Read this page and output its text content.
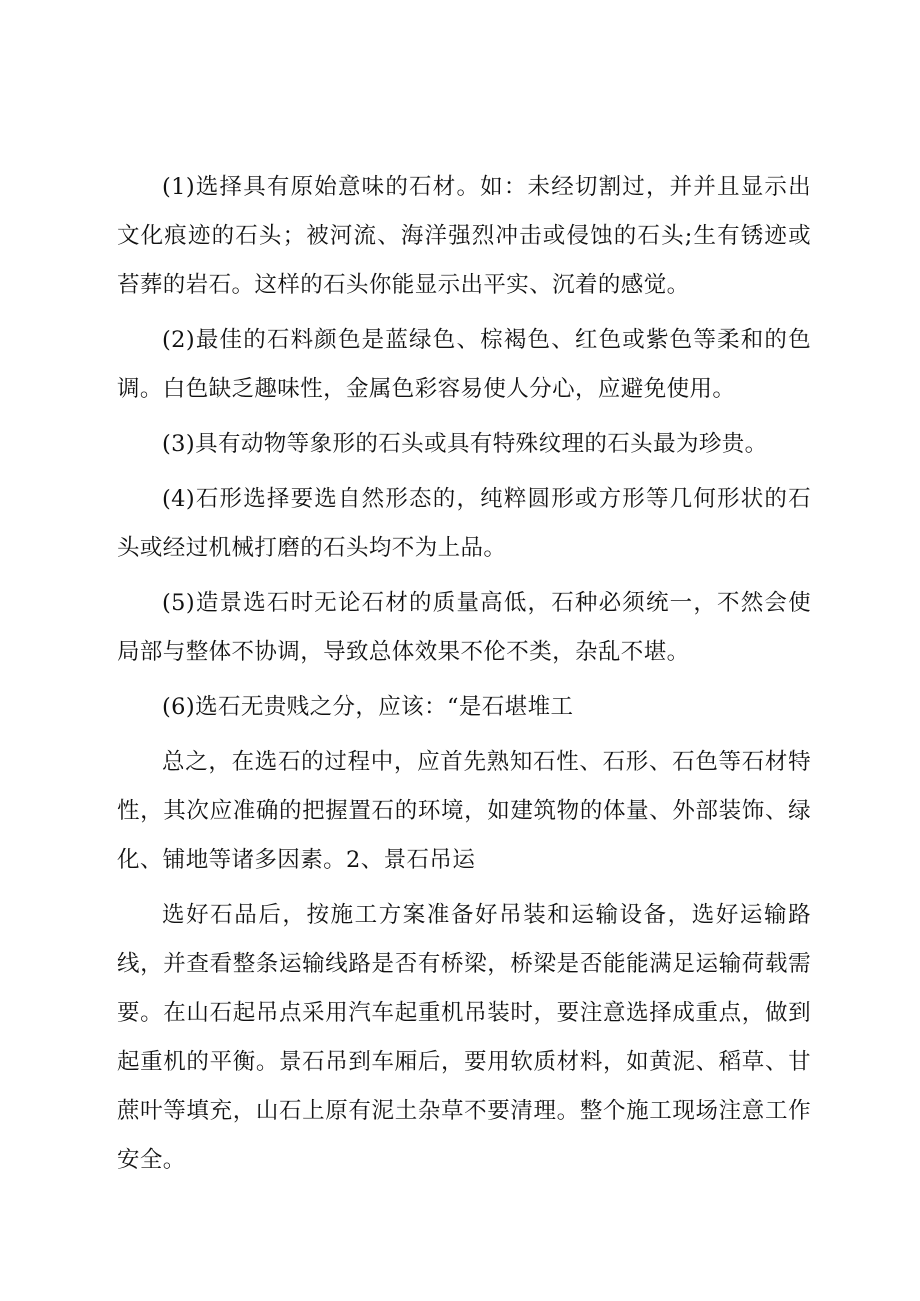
(1)选择具有原始意味的石材。如：未经切割过，并并且显示出文化痕迹的石头；被河流、海洋强烈冲击或侵蚀的石头;生有锈迹或苔葬的岩石。这样的石头你能显示出平实、沉着的感觉。

(2)最佳的石料颜色是蓝绿色、棕褐色、红色或紫色等柔和的色调。白色缺乏趣味性，金属色彩容易使人分心，应避免使用。

(3)具有动物等象形的石头或具有特殊纹理的石头最为珍贵。

(4)石形选择要选自然形态的，纯粹圆形或方形等几何形状的石头或经过机械打磨的石头均不为上品。

(5)造景选石时无论石材的质量高低，石种必须统一，不然会使局部与整体不协调，导致总体效果不伦不类，杂乱不堪。

(6)选石无贵贱之分，应该：“是石堪堆工

总之，在选石的过程中，应首先熟知石性、石形、石色等石材特性，其次应准确的把握置石的环境，如建筑物的体量、外部装饰、绿化、铺地等诸多因素。2、景石吊运

选好石品后，按施工方案准备好吊装和运输设备，选好运输路线，并查看整条运输线路是否有桥梁，桥梁是否能能满足运输荷载需要。在山石起吊点采用汽车起重机吊装时，要注意选择成重点，做到起重机的平衡。景石吊到车厢后，要用软质材料，如黄泥、稻草、甘蔗叶等填充，山石上原有泥土杂草不要清理。整个施工现场注意工作安全。
